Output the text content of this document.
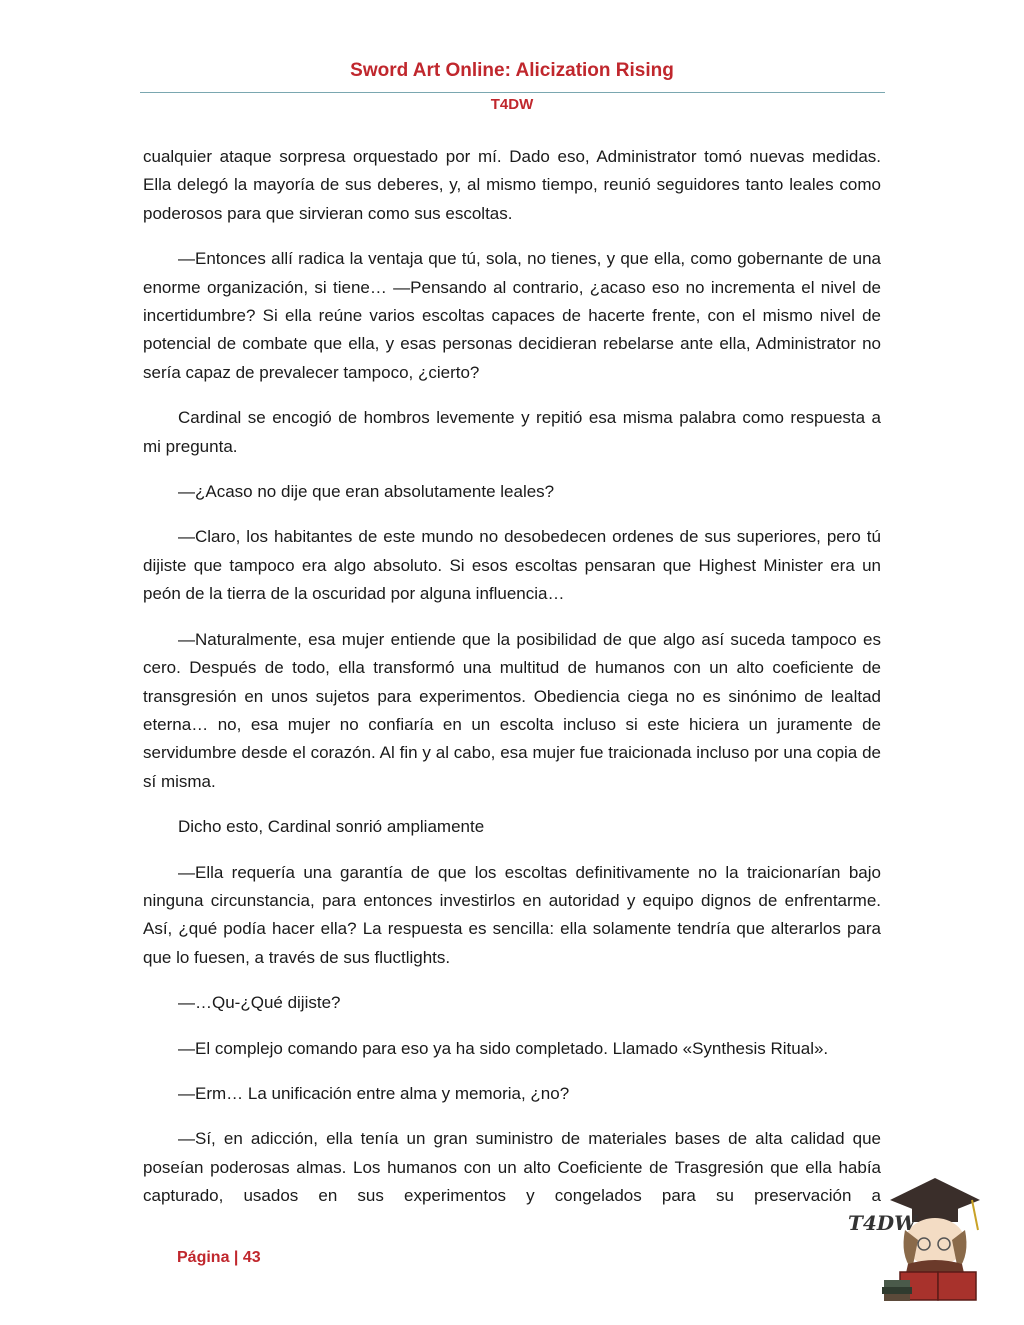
Sword Art Online: Alicization Rising
T4DW

cualquier ataque sorpresa orquestado por mí. Dado eso, Administrator tomó nuevas medidas. Ella delegó la mayoría de sus deberes, y, al mismo tiempo, reunió seguidores tanto leales como poderosos para que sirvieran como sus escoltas.

—Entonces allí radica la ventaja que tú, sola, no tienes, y que ella, como gobernante de una enorme organización, si tiene… —Pensando al contrario, ¿acaso eso no incrementa el nivel de incertidumbre? Si ella reúne varios escoltas capaces de hacerte frente, con el mismo nivel de potencial de combate que ella, y esas personas decidieran rebelarse ante ella, Administrator no sería capaz de prevalecer tampoco, ¿cierto?

Cardinal se encogió de hombros levemente y repitió esa misma palabra como respuesta a mi pregunta.

—¿Acaso no dije que eran absolutamente leales?

—Claro, los habitantes de este mundo no desobedecen ordenes de sus superiores, pero tú dijiste que tampoco era algo absoluto. Si esos escoltas pensaran que Highest Minister era un peón de la tierra de la oscuridad por alguna influencia…

—Naturalmente, esa mujer entiende que la posibilidad de que algo así suceda tampoco es cero. Después de todo, ella transformó una multitud de humanos con un alto coeficiente de transgresión en unos sujetos para experimentos. Obediencia ciega no es sinónimo de lealtad eterna… no, esa mujer no confiaría en un escolta incluso si este hiciera un juramente de servidumbre desde el corazón. Al fin y al cabo, esa mujer fue traicionada incluso por una copia de sí misma.

Dicho esto, Cardinal sonrió ampliamente

—Ella requería una garantía de que los escoltas definitivamente no la traicionarían bajo ninguna circunstancia, para entonces investirlos en autoridad y equipo dignos de enfrentarme. Así, ¿qué podía hacer ella? La respuesta es sencilla: ella solamente tendría que alterarlos para que lo fuesen, a través de sus fluctlights.

—…Qu-¿Qué dijiste?

—El complejo comando para eso ya ha sido completado. Llamado «Synthesis Ritual».

—Erm… La unificación entre alma y memoria, ¿no?

—Sí, en adicción, ella tenía un gran suministro de materiales bases de alta calidad que poseían poderosas almas. Los humanos con un alto Coeficiente de Trasgresión que ella había capturado, usados en sus experimentos y congelados para su preservación a

Página | 43
T4DW
